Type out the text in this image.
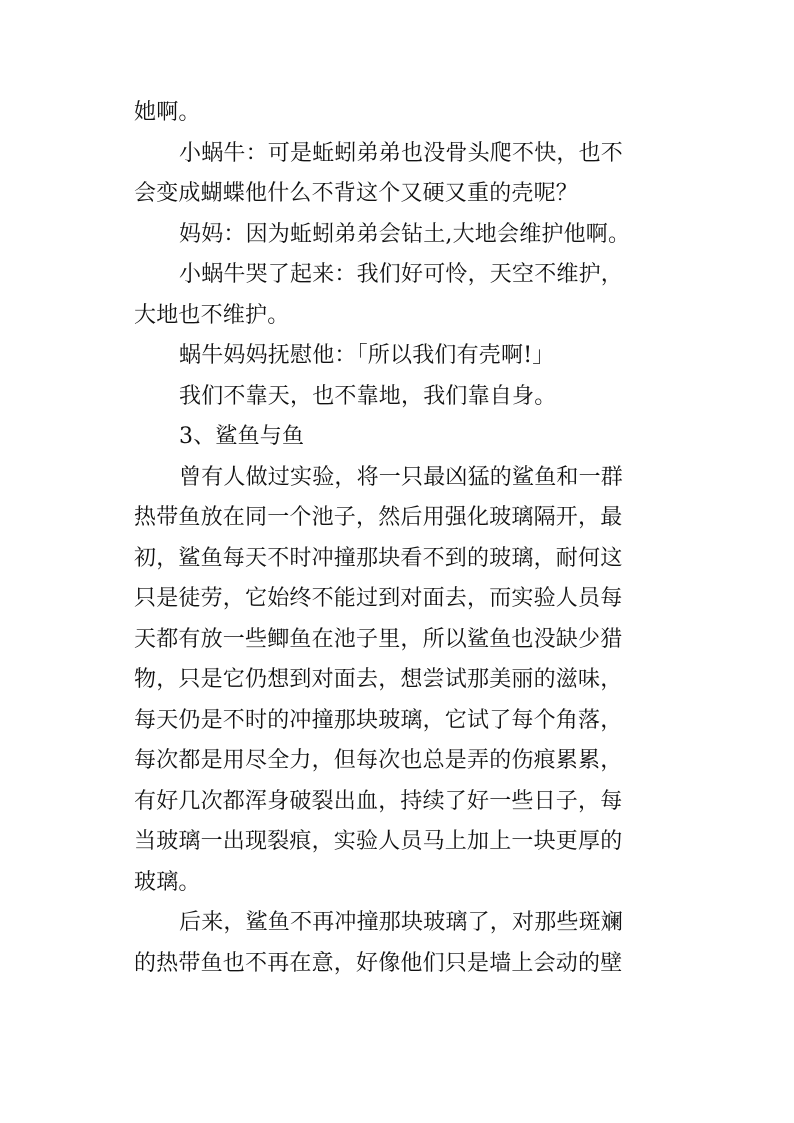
她啊。
小蜗牛：可是蚯蚓弟弟也没骨头爬不快，也不
会变成蝴蝶他什么不背这个又硬又重的壳呢？
妈妈：因为蚯蚓弟弟会钻土,大地会维护他啊。
小蜗牛哭了起来：我们好可怜，天空不维护，
大地也不维护。
蜗牛妈妈抚慰他：「所以我们有壳啊!」
我们不靠天，也不靠地，我们靠自身。
3、鲨鱼与鱼
曾有人做过实验，将一只最凶猛的鲨鱼和一群
热带鱼放在同一个池子，然后用强化玻璃隔开，最
初，鲨鱼每天不时冲撞那块看不到的玻璃，耐何这
只是徒劳，它始终不能过到对面去，而实验人员每
天都有放一些鲫鱼在池子里，所以鲨鱼也没缺少猎
物，只是它仍想到对面去，想尝试那美丽的滋味，
每天仍是不时的冲撞那块玻璃，它试了每个角落，
每次都是用尽全力，但每次也总是弄的伤痕累累，
有好几次都浑身破裂出血，持续了好一些日子，每
当玻璃一出现裂痕，实验人员马上加上一块更厚的
玻璃。
后来，鲨鱼不再冲撞那块玻璃了，对那些斑斓
的热带鱼也不再在意，好像他们只是墙上会动的壁
